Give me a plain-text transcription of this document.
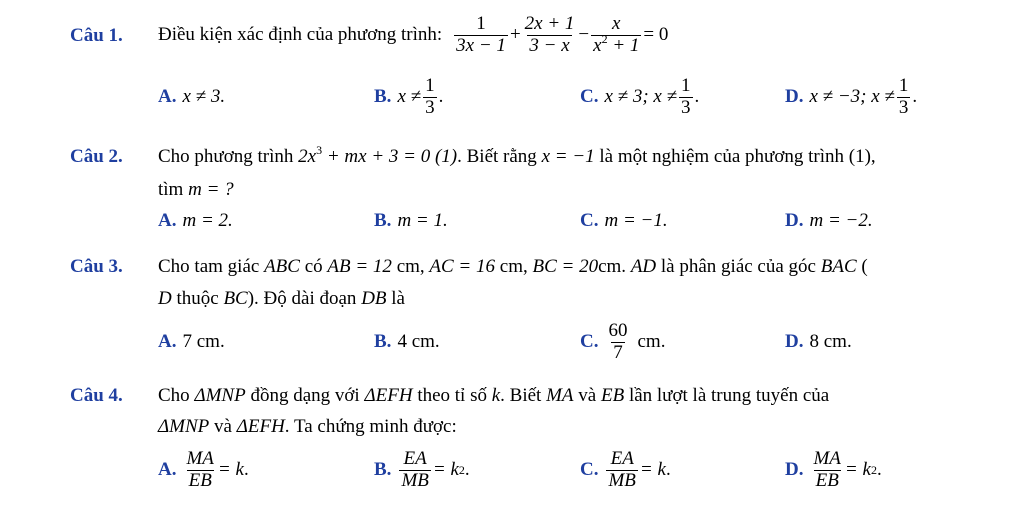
Câu 1. Điều kiện xác định của phương trình: $\frac{1}{3x - 1} + \frac{2x + 1}{3 - x} - \frac{x}{x^2 + 1} = 0$
A. x ≠ 3.	B. $x \ne \frac{1}{3}$ .	C. x ≠ 3; $x \ne \frac{1}{3}$ .	D. x ≠ −3; $x \ne \frac{1}{3}$ .
Câu 2. Cho phương trình $2x^3$ + mx + 3 = 0 (1). Biết rằng x = −1 là một nghiệm của phương trình (1),
tìm m = ?
A. m = 2.	B. m = 1.	C. m = −1.	D. m = −2.
Câu 3. Cho tam giác ABC có AB = 12 cm, AC = 16 cm, BC = 20cm. AD là phân giác của góc BAC (
D thuộc BC). Độ dài đoạn DB là
A. 7 cm.	B. 4 cm.	C. $\frac{60}{7}$ cm.	D. 8 cm.
Câu 4. Cho ΔMNP đồng dạng với ΔEFH theo tỉ số k. Biết MA và EB lần lượt là trung tuyến của
ΔMNP và ΔEFH. Ta chứng minh được:
A. $\frac{MA}{EB} = k$ .	B. $\frac{EA}{MB} = k$ 2 .	C. $\frac{EA}{MB} = k$ .	D. $\frac{MA}{EB} = k$ 2 .
